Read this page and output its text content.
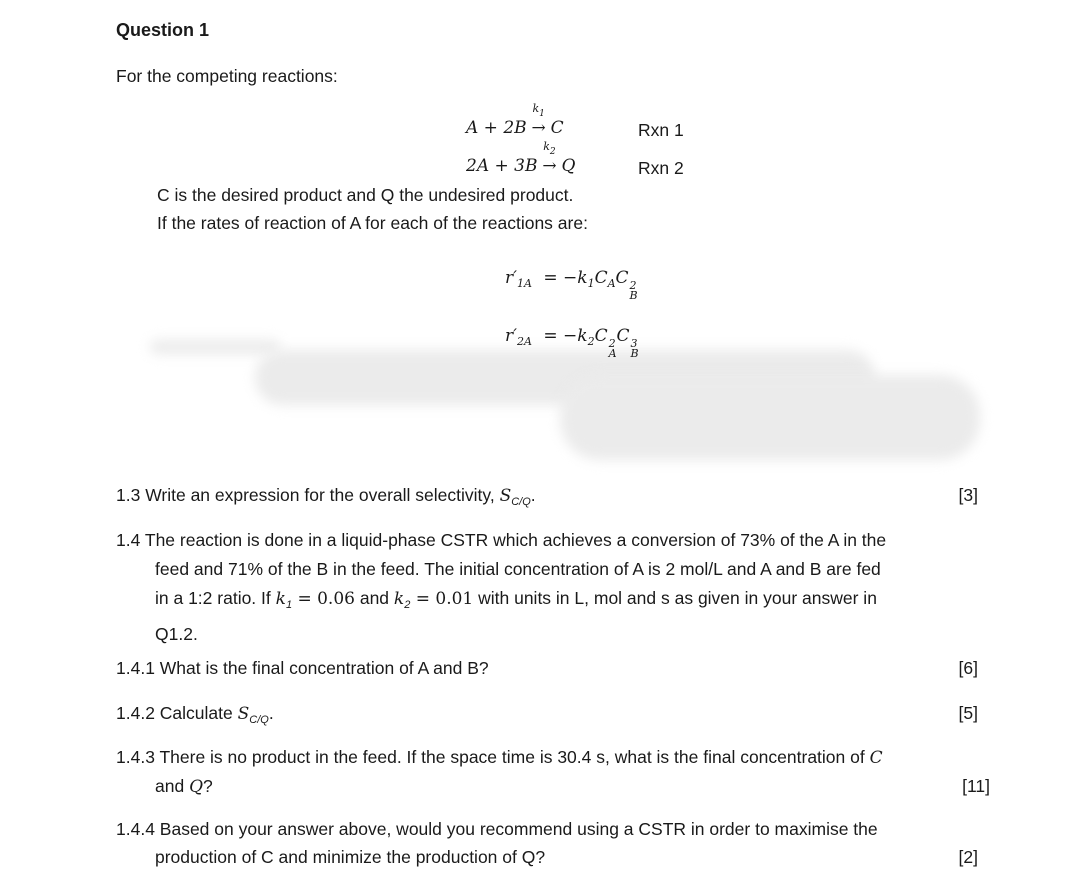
Question 1
For the competing reactions:
A + 2B
$k_1$
→ C	Rxn 1
2A + 3B
$k_2$
→ Q	Rxn 2
C is the desired product and Q the undesired product.
If the rates of reaction of A for each of the reactions are:
$r'_{1A} = -k_1C_AC$ 2
B
$r'_{2A} = -k_2C$ 2
A
C 3
B
1.3 Write an expression for the overall selectivity, $S_{C/Q}$.	[3]
1.4 The reaction is done in a liquid-phase CSTR which achieves a conversion of 73% of the A in the
feed and 71% of the B in the feed. The initial concentration of A is 2 mol/L and A and B are fed
in a 1:2 ratio. If $k_1 = 0.06$ and $k_2 = 0.01$ with units in L, mol and s as given in your answer in
Q1.2.
1.4.1 What is the final concentration of A and B?	[6]
1.4.2 Calculate $S_{C/Q}$.	[5]
1.4.3 There is no product in the feed. If the space time is 30.4 s, what is the final concentration of C
and Q?	[11]
1.4.4 Based on your answer above, would you recommend using a CSTR in order to maximise the
production of C and minimize the production of Q?	[2]
